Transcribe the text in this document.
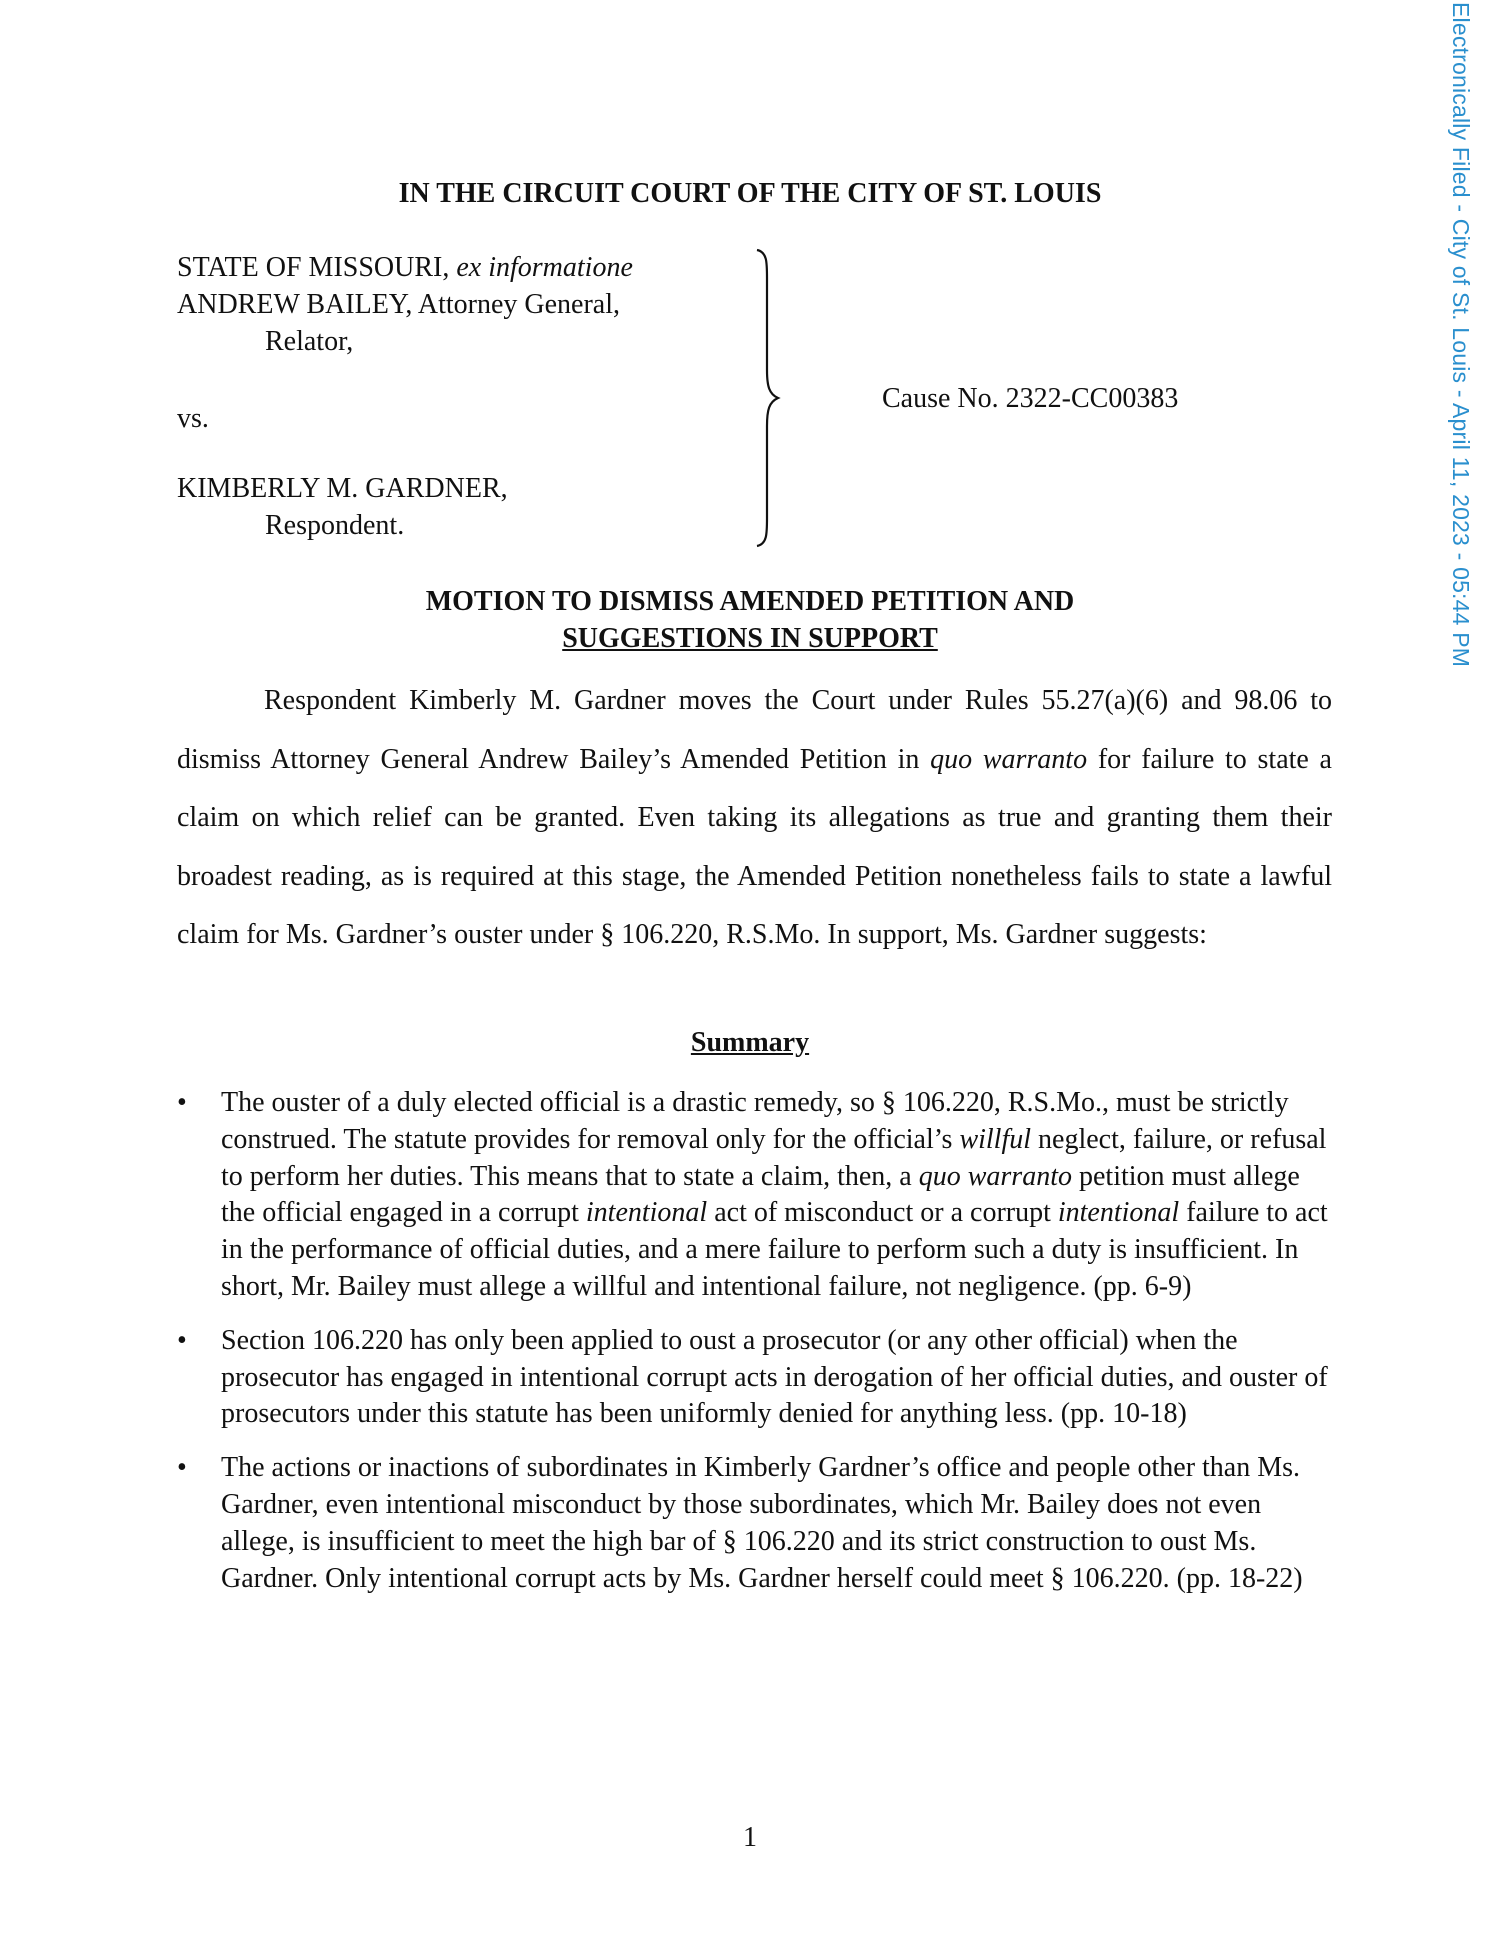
Electronically Filed - City of St. Louis - April 11, 2023 - 05:44 PM
IN THE CIRCUIT COURT OF THE CITY OF ST. LOUIS
STATE OF MISSOURI, ex informatione
ANDREW BAILEY, Attorney General,
Relator,
vs.
KIMBERLY M. GARDNER,
Respondent.
Cause No. 2322-CC00383
MOTION TO DISMISS AMENDED PETITION AND
SUGGESTIONS IN SUPPORT

Respondent Kimberly M. Gardner moves the Court under Rules 55.27(a)(6) and 98.06 to dismiss Attorney General Andrew Bailey’s Amended Petition in quo warranto for failure to state a claim on which relief can be granted. Even taking its allegations as true and granting them their broadest reading, as is required at this stage, the Amended Petition nonetheless fails to state a lawful claim for Ms. Gardner’s ouster under § 106.220, R.S.Mo. In support, Ms. Gardner suggests:

Summary
• The ouster of a duly elected official is a drastic remedy, so § 106.220, R.S.Mo., must be strictly construed. The statute provides for removal only for the official’s willful neglect, failure, or refusal to perform her duties. This means that to state a claim, then, a quo warranto petition must allege the official engaged in a corrupt intentional act of misconduct or a corrupt intentional failure to act in the performance of official duties, and a mere failure to perform such a duty is insufficient. In short, Mr. Bailey must allege a willful and intentional failure, not negligence. (pp. 6-9)
• Section 106.220 has only been applied to oust a prosecutor (or any other official) when the prosecutor has engaged in intentional corrupt acts in derogation of her official duties, and ouster of prosecutors under this statute has been uniformly denied for anything less. (pp. 10-18)
• The actions or inactions of subordinates in Kimberly Gardner’s office and people other than Ms. Gardner, even intentional misconduct by those subordinates, which Mr. Bailey does not even allege, is insufficient to meet the high bar of § 106.220 and its strict construction to oust Ms. Gardner. Only intentional corrupt acts by Ms. Gardner herself could meet § 106.220. (pp. 18-22)

1
